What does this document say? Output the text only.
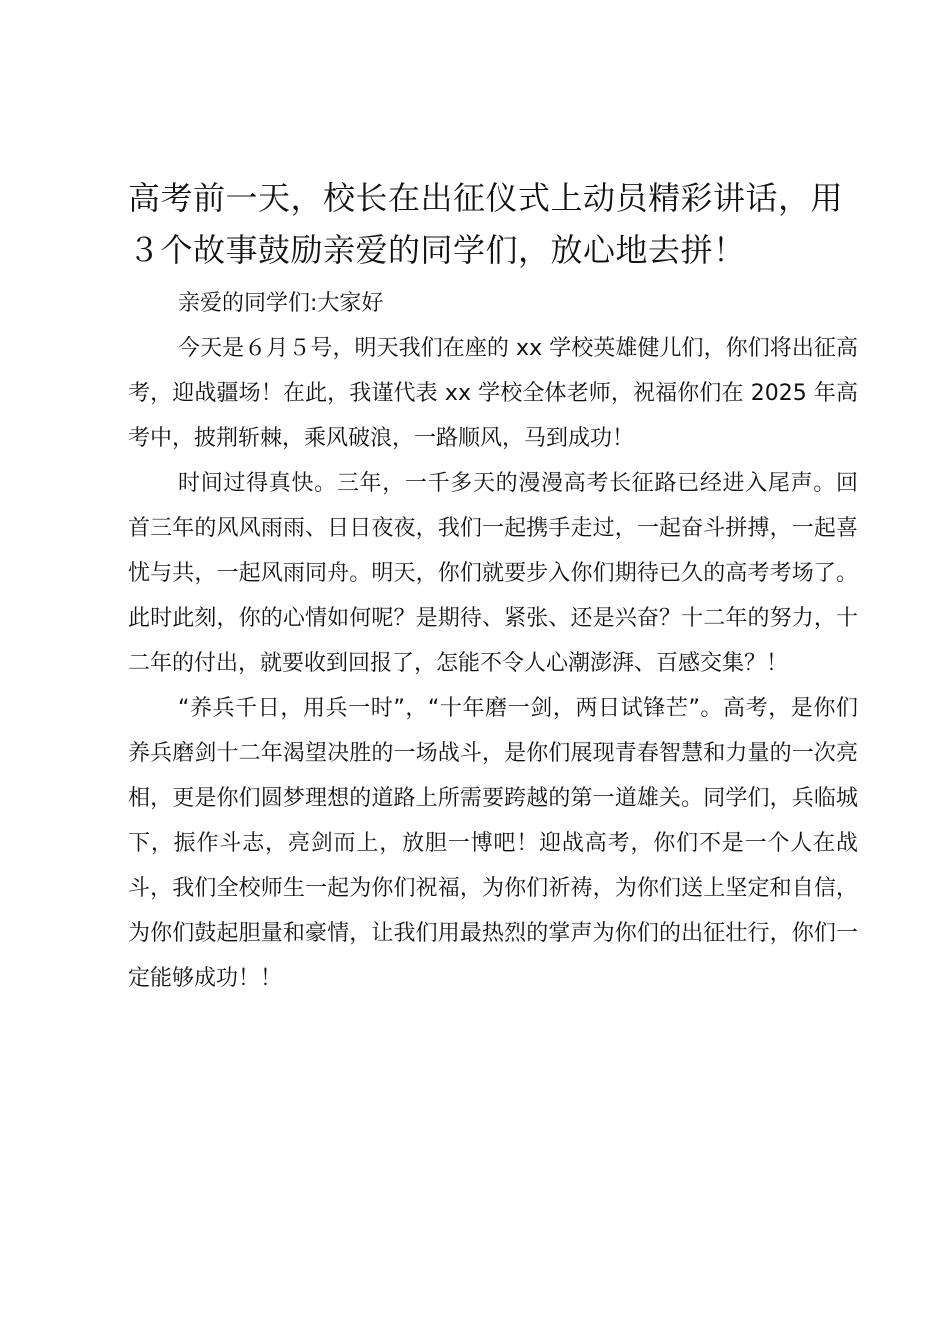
高考前一天，校长在出征仪式上动员精彩讲话，用３个故事鼓励亲爱的同学们，放心地去拼！

亲爱的同学们:大家好

今天是６月５号，明天我们在座的 xx 学校英雄健儿们，你们将出征高考，迎战疆场！在此，我谨代表 xx 学校全体老师，祝福你们在 2025 年高考中，披荆斩棘，乘风破浪，一路顺风，马到成功！

时间过得真快。三年，一千多天的漫漫高考长征路已经进入尾声。回首三年的风风雨雨、日日夜夜，我们一起携手走过，一起奋斗拼搏，一起喜忧与共，一起风雨同舟。明天，你们就要步入你们期待已久的高考考场了。此时此刻，你的心情如何呢？是期待、紧张、还是兴奋？十二年的努力，十二年的付出，就要收到回报了，怎能不令人心潮澎湃、百感交集？！

“养兵千日，用兵一时”，“十年磨一剑，两日试锋芒”。高考，是你们养兵磨剑十二年渴望决胜的一场战斗，是你们展现青春智慧和力量的一次亮相，更是你们圆梦理想的道路上所需要跨越的第一道雄关。同学们，兵临城下，振作斗志，亮剑而上，放胆一博吧！迎战高考，你们不是一个人在战斗，我们全校师生一起为你们祝福，为你们祈祷，为你们送上坚定和自信，为你们鼓起胆量和豪情，让我们用最热烈的掌声为你们的出征壮行，你们一定能够成功！！
